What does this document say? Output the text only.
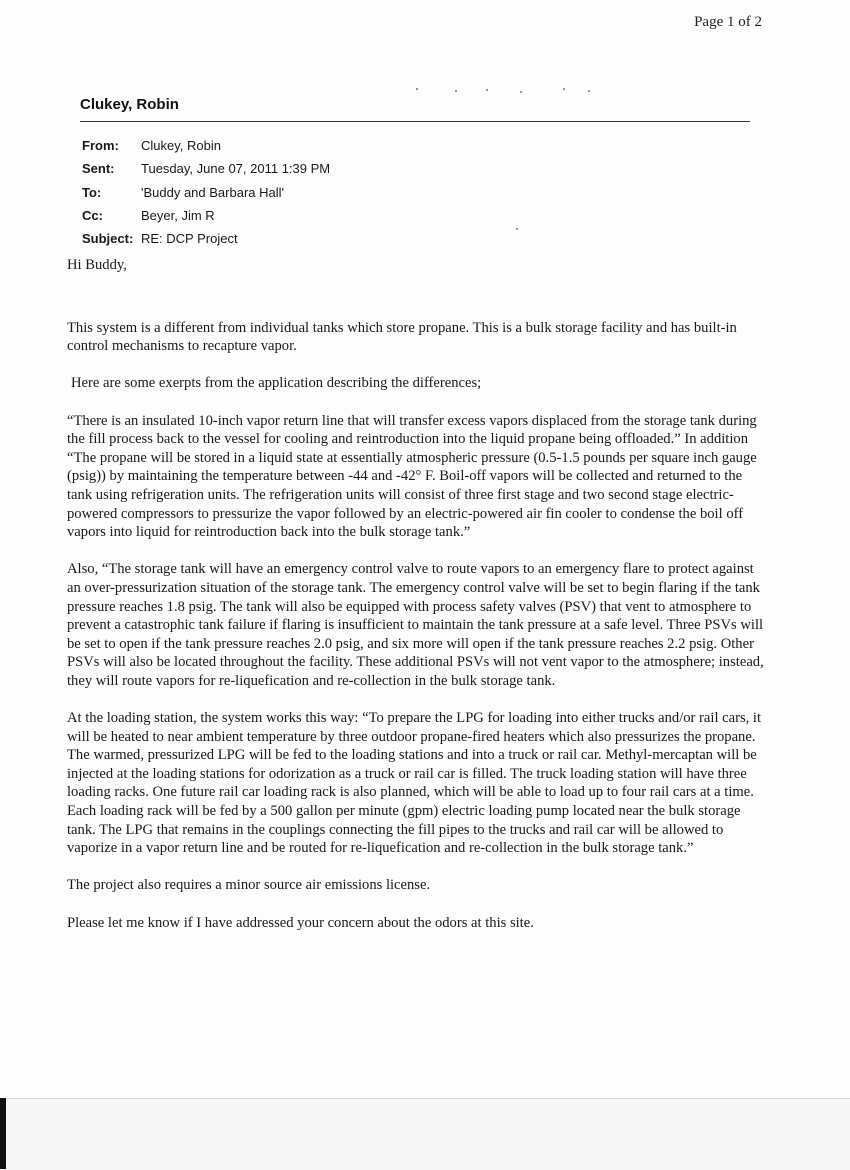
Page 1 of 2
Clukey, Robin
From:	Clukey, Robin
Sent:	Tuesday, June 07, 2011 1:39 PM
To:	'Buddy and Barbara Hall'
Cc:	Beyer, Jim R
Subject:	RE: DCP Project

Hi Buddy,

This system is a different from individual tanks which store propane. This is a bulk storage facility and has built-in control mechanisms to recapture vapor.

Here are some exerpts from the application describing the differences;

“There is an insulated 10-inch vapor return line that will transfer excess vapors displaced from the storage tank during the fill process back to the vessel for cooling and reintroduction into the liquid propane being offloaded.” In addition “The propane will be stored in a liquid state at essentially atmospheric pressure (0.5-1.5 pounds per square inch gauge (psig)) by maintaining the temperature between -44 and -42° F. Boil-off vapors will be collected and returned to the tank using refrigeration units. The refrigeration units will consist of three first stage and two second stage electric-powered compressors to pressurize the vapor followed by an electric-powered air fin cooler to condense the boil off vapors into liquid for reintroduction back into the bulk storage tank.”

Also, “The storage tank will have an emergency control valve to route vapors to an emergency flare to protect against an over-pressurization situation of the storage tank. The emergency control valve will be set to begin flaring if the tank pressure reaches 1.8 psig. The tank will also be equipped with process safety valves (PSV) that vent to atmosphere to prevent a catastrophic tank failure if flaring is insufficient to maintain the tank pressure at a safe level. Three PSVs will be set to open if the tank pressure reaches 2.0 psig, and six more will open if the tank pressure reaches 2.2 psig. Other PSVs will also be located throughout the facility. These additional PSVs will not vent vapor to the atmosphere; instead, they will route vapors for re-liquefication and re-collection in the bulk storage tank.

At the loading station, the system works this way: “To prepare the LPG for loading into either trucks and/or rail cars, it will be heated to near ambient temperature by three outdoor propane-fired heaters which also pressurizes the propane. The warmed, pressurized LPG will be fed to the loading stations and into a truck or rail car. Methyl-mercaptan will be injected at the loading stations for odorization as a truck or rail car is filled. The truck loading station will have three loading racks. One future rail car loading rack is also planned, which will be able to load up to four rail cars at a time. Each loading rack will be fed by a 500 gallon per minute (gpm) electric loading pump located near the bulk storage tank. The LPG that remains in the couplings connecting the fill pipes to the trucks and rail car will be allowed to vaporize in a vapor return line and be routed for re-liquefication and re-collection in the bulk storage tank.”

The project also requires a minor source air emissions license.

Please let me know if I have addressed your concern about the odors at this site.
